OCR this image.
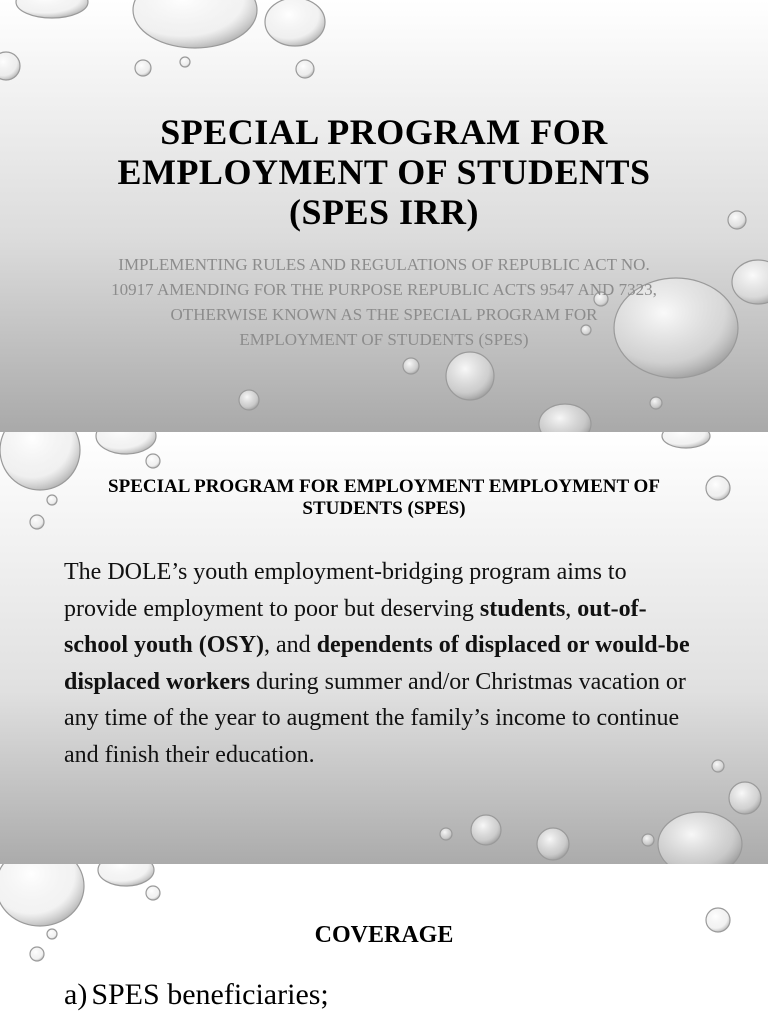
SPECIAL PROGRAM FOR EMPLOYMENT OF STUDENTS (SPES IRR)
IMPLEMENTING RULES AND REGULATIONS OF REPUBLIC ACT NO. 10917 AMENDING FOR THE PURPOSE REPUBLIC ACTS 9547 AND 7323, OTHERWISE KNOWN AS THE SPECIAL PROGRAM FOR EMPLOYMENT OF STUDENTS (SPES)
SPECIAL PROGRAM FOR EMPLOYMENT EMPLOYMENT OF STUDENTS (SPES)
The DOLE’s youth employment-bridging program aims to provide employment to poor but deserving students, out-of-school youth (OSY), and dependents of displaced or would-be displaced workers during summer and/or Christmas vacation or any time of the year to augment the family’s income to continue and finish their education.
COVERAGE
a) SPES beneficiaries;
